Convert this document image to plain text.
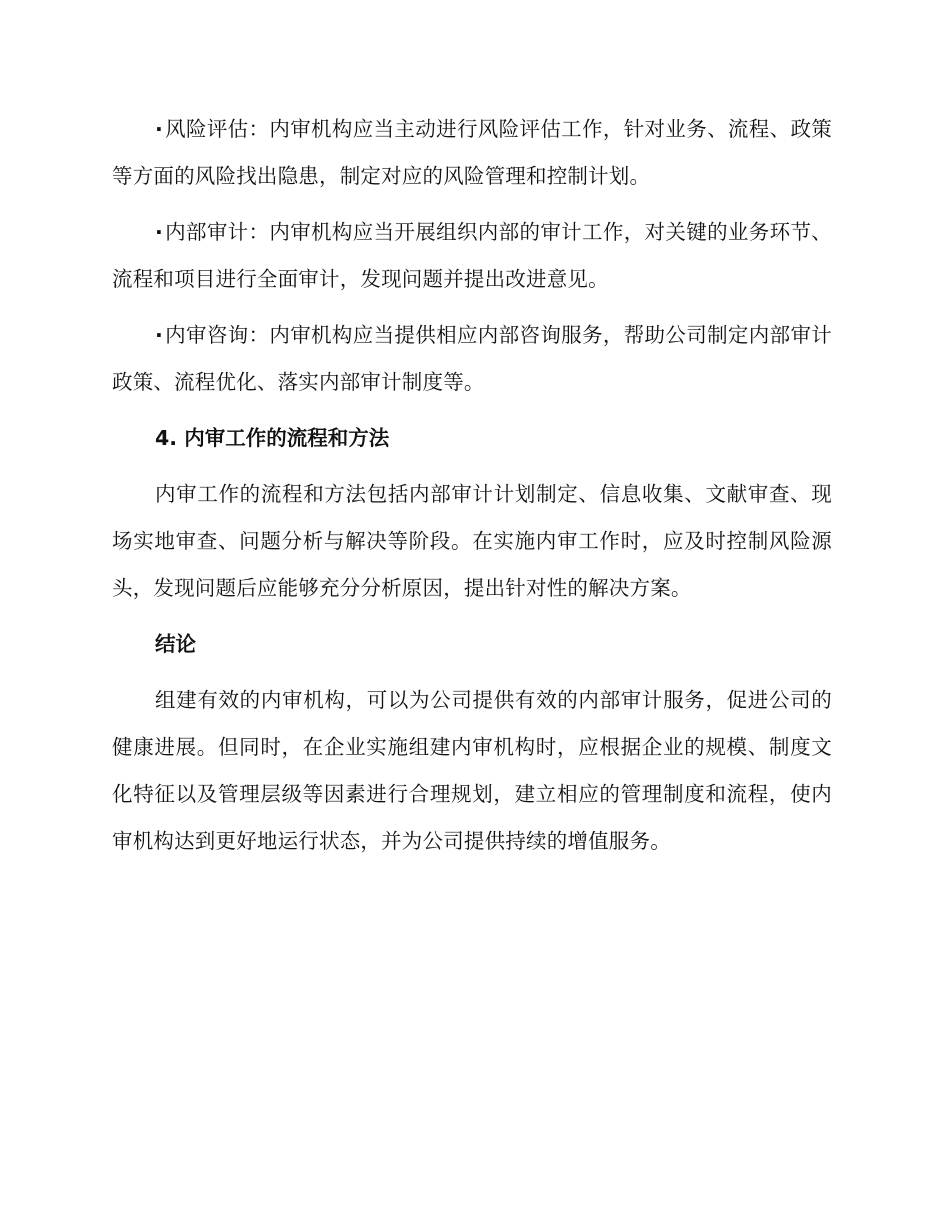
·风险评估：内审机构应当主动进行风险评估工作，针对业务、流程、政策等方面的风险找出隐患，制定对应的风险管理和控制计划。

·内部审计：内审机构应当开展组织内部的审计工作，对关键的业务环节、流程和项目进行全面审计，发现问题并提出改进意见。

·内审咨询：内审机构应当提供相应内部咨询服务，帮助公司制定内部审计政策、流程优化、落实内部审计制度等。

4. 内审工作的流程和方法

内审工作的流程和方法包括内部审计计划制定、信息收集、文献审查、现场实地审查、问题分析与解决等阶段。在实施内审工作时，应及时控制风险源头，发现问题后应能够充分分析原因，提出针对性的解决方案。

结论

组建有效的内审机构，可以为公司提供有效的内部审计服务，促进公司的健康进展。但同时，在企业实施组建内审机构时，应根据企业的规模、制度文化特征以及管理层级等因素进行合理规划，建立相应的管理制度和流程，使内审机构达到更好地运行状态，并为公司提供持续的增值服务。
